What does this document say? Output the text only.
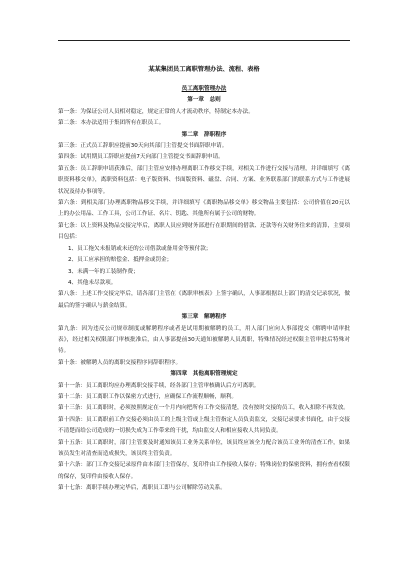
某某集团员工离职管理办法、流程、表格
员工离职管理办法
第一章　总则
第一条：为保证公司人员相对稳定，规定正常的人才流动秩序，特制定本办法。
第二条：本办法适用于集团所有在职员工。
第二章　辞职程序
第三条：正式员工辞职应提前30天向其部门主管提交书面辞职申请。
第四条：试用期员工辞职应提前7天向部门主管提交书面辞职申请。
第五条：员工辞职申请获准后，部门主管应安排办理离职工作移交手续，对相关工作进行交接与清理，并详细填写《离职资料移交单》，离职资料包括：电子版资料、书面版资料、磁盘、合同、方案、业务联系部门的联系方式与工作进展状况及待办事项等。
第六条：到相关部门办理离职物品移交手续，并详细填写《离职物品移交单》移交物品主要包括：公司价值在20元以上的办公用品、工作工具，公司工作证、名片、钥匙、其他所有属于公司的财物。
第七条：以上资料及物品交接完毕后，离职人员应到财务部进行在职期间的借款、还款等有关财务往来的清算，主要项目包括：
1、员工拖欠未报销或未还的公司借款或备用金等预付款；
2、员工应承担的赔偿金、抵押金或罚金；
3、未满一年的工装制作费；
4、其他未尽款项。
第八条：上述工作交接完毕后，请各部门主管在《离职审核表》上签字确认，人事部根据以上部门的清交记录状况，做最后的签字确认与薪金结算。
第三章　解聘程序
第九条：因为违反公司规章制度或解聘程序或者是试用期被解聘的员工，用人部门应向人事部提交《解聘申请审批表》，经过相关权限部门审核批准后，由人事部提前30天通知被解聘人员离职，特殊情况经过权限主管审批后特殊对待。
第十条：被解聘人员的离职交接程序同辞职程序。
第四章　其他离职管理规定
第十一条：员工离职均应办理离职交接手续，经各部门主管审核确认后方可离职。
第十二条：员工离职工作以保密方式进行，应确保工作流程顺畅，顺利。
第十三条：员工离职时，必须按照规定在一个月内向把所有工作交接清楚，没有按时交接的员工，收入扣除不再发放。
第十四条：员工离职前工作交接必须由员工的上级主管或上级主管指定人员负责监交，交接记录要求书面化，由于交接不清楚而给公司造成的一切损失成为工作带来的干扰，均由监交人和相应接收人共同负责。
第十五条：员工离职时，部门主管要及时通知该员工业务关系单位，该员终应该全力配合该员工业务的清查工作，如果该员发生对清查而造成损失，该员终主管负责。
第十六条：部门工作交接记录原件由本部门主管保存，复印件由工作接收人保存；特殊岗位的保密资料，拥有查看权限的保存，复印件由接收人保存。
第十七条：离职手续办理完毕后，离职员工即与公司解除劳动关系。
